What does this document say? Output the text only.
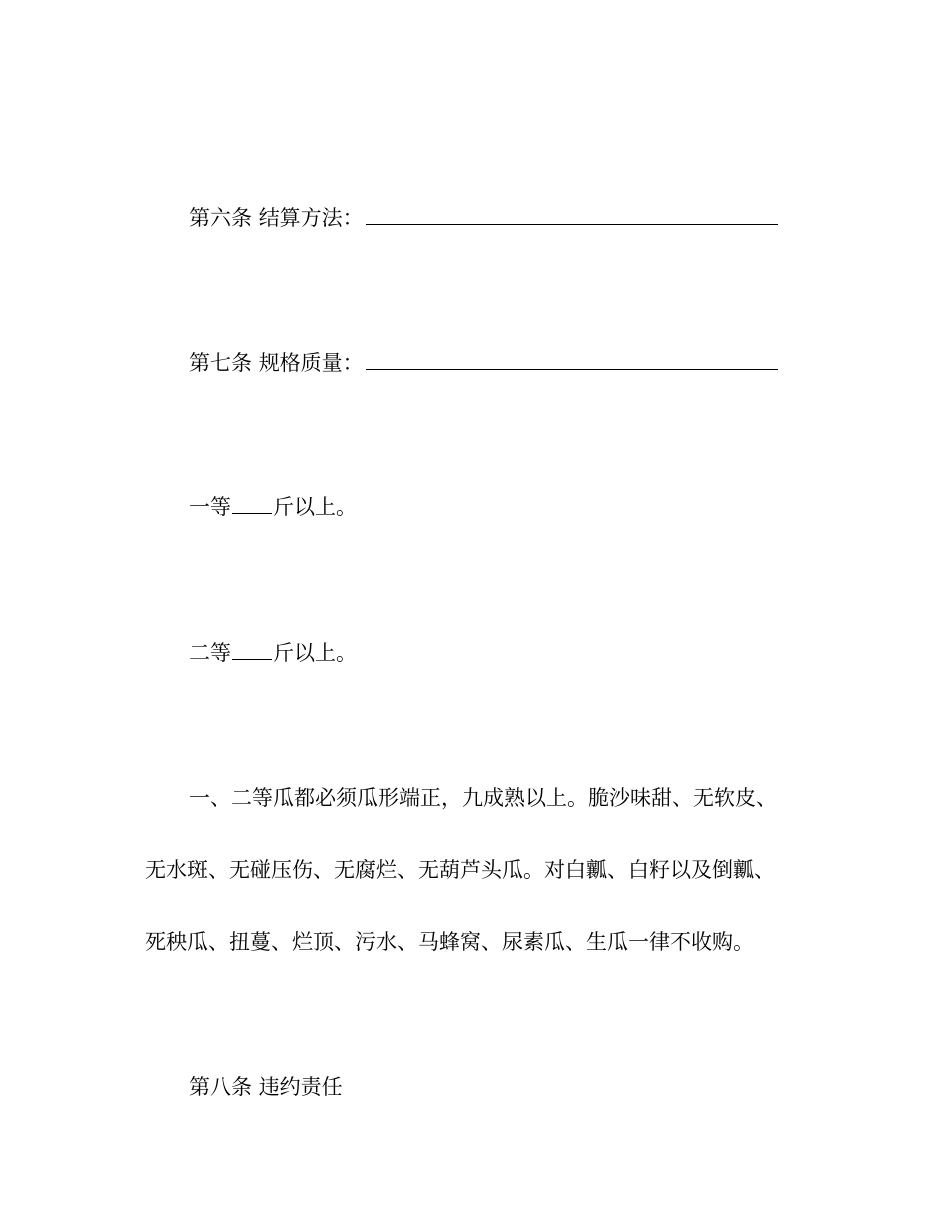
第六条 结算方法：
第七条 规格质量：
一等 斤以上。
二等 斤以上。
一、二等瓜都必须瓜形端正，九成熟以上。脆沙味甜、无软皮、
无水斑、无碰压伤、无腐烂、无葫芦头瓜。对白瓤、白籽以及倒瓤、
死秧瓜、扭蔓、烂顶、污水、马蜂窝、尿素瓜、生瓜一律不收购。
第八条 违约责任
